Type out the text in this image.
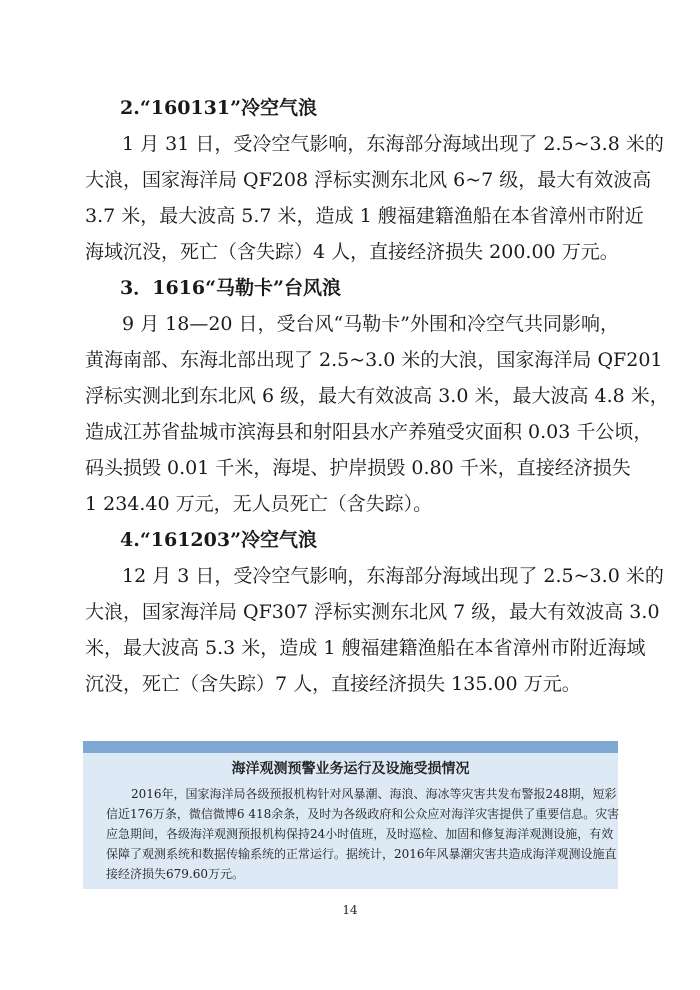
2.“160131”冷空气浪
1 月 31 日，受冷空气影响，东海部分海域出现了 2.5~3.8 米的
大浪，国家海洋局 QF208 浮标实测东北风 6~7 级，最大有效波高
3.7 米，最大波高 5.7 米，造成 1 艘福建籍渔船在本省漳州市附近
海域沉没，死亡（含失踪）4 人，直接经济损失 200.00 万元。
3．1616“马勒卡”台风浪
9 月 18—20 日，受台风“马勒卡”外围和冷空气共同影响，
黄海南部、东海北部出现了 2.5~3.0 米的大浪，国家海洋局 QF201
浮标实测北到东北风 6 级，最大有效波高 3.0 米，最大波高 4.8 米，
造成江苏省盐城市滨海县和射阳县水产养殖受灾面积 0.03 千公顷，
码头损毁 0.01 千米，海堤、护岸损毁 0.80 千米，直接经济损失
1 234.40 万元，无人员死亡（含失踪）。
4.“161203”冷空气浪
12 月 3 日，受冷空气影响，东海部分海域出现了 2.5~3.0 米的
大浪，国家海洋局 QF307 浮标实测东北风 7 级，最大有效波高 3.0
米，最大波高 5.3 米，造成 1 艘福建籍渔船在本省漳州市附近海域
沉没，死亡（含失踪）7 人，直接经济损失 135.00 万元。
海洋观测预警业务运行及设施受损情况
2016年，国家海洋局各级预报机构针对风暴潮、海浪、海冰等灾害共发布警报248期，短彩
信近176万条，微信微博6 418余条，及时为各级政府和公众应对海洋灾害提供了重要信息。灾害
应急期间，各级海洋观测预报机构保持24小时值班，及时巡检、加固和修复海洋观测设施，有效
保障了观测系统和数据传输系统的正常运行。据统计，2016年风暴潮灾害共造成海洋观测设施直
接经济损失679.60万元。
14
